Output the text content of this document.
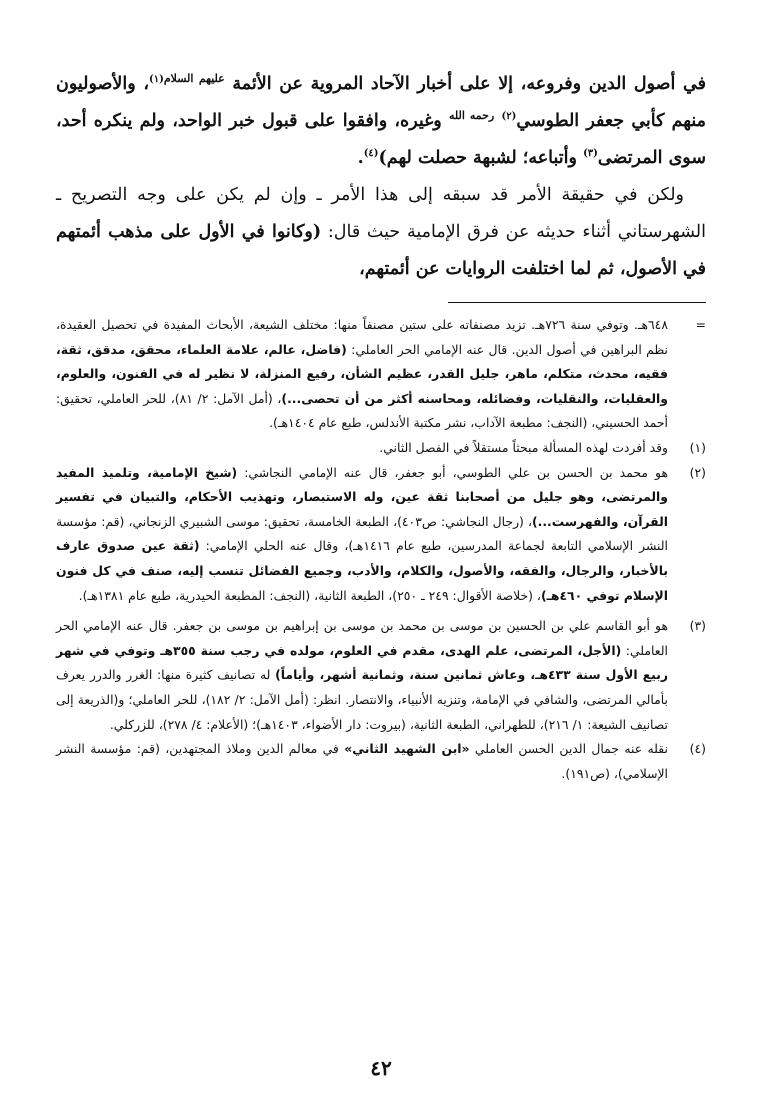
في أصول الدين وفروعه، إلا على أخبار الآحاد المروية عن الأئمة $^{عليهم السلام(١)}$، والأصوليون منهم كأبي جعفر الطوسي$^{(٢)}$ $^{رحمه الله}$ وغيره، وافقوا على قبول خبر الواحد، ولم ينكره أحد، سوى المرتضى$^{(٣)}$ وأتباعه؛ لشبهة حصلت لهم)$^{(٤)}$.

ولكن في حقيقة الأمر قد سبقه إلى هذا الأمر ـ وإن لم يكن على وجه التصريح ـ الشهرستاني أثناء حديثه عن فرق الإمامية حيث قال: (وكانوا في الأول على مذهب أئمتهم في الأصول، ثم لما اختلفت الروايات عن أئمتهم،

=
٦٤٨هـ. وتوفي سنة ٧٢٦هـ. تزيد مصنفاته على ستين مصنفاً منها: مختلف الشيعة، الأبحاث المفيدة في تحصيل العقيدة، نظم البراهين في أصول الدين. قال عنه الإمامي الحر العاملي: (فاضل، عالم، علامة العلماء، محقق، مدقق، ثقة، فقيه، محدث، متكلم، ماهر، جليل القدر، عظيم الشأن، رفيع المنزلة، لا نظير له في الفنون، والعلوم، والعقليات، والنقليات، وفضائله، ومحاسنه أكثر من أن تحصى...)، (أمل الآمل: ٢/ ٨١)، للحر العاملي، تحقيق: أحمد الحسيني، (النجف: مطبعة الآداب، نشر مكتبة الأندلس، طبع عام ١٤٠٤هـ).
(١)
وقد أفردت لهذه المسألة مبحثاً مستقلاً في الفصل الثاني.
(٢)
هو محمد بن الحسن بن علي الطوسي، أبو جعفر، قال عنه الإمامي النجاشي: (شيخ الإمامية، وتلميذ المفيد والمرتضى، وهو جليل من أصحابنا ثقة عين، وله الاستبصار، وتهذيب الأحكام، والتبيان في تفسير القرآن، والفهرست...)، (رجال النجاشي: ص٤٠٣)، الطبعة الخامسة، تحقيق: موسى الشبيري الزنجاني، (قم: مؤسسة النشر الإسلامي التابعة لجماعة المدرسين، طبع عام ١٤١٦هـ)، وقال عنه الحلي الإمامي: (ثقة عين صدوق عارف بالأخبار، والرجال، والفقه، والأصول، والكلام، والأدب، وجميع الفضائل تنسب إليه، صنف في كل فنون الإسلام توفي ٤٦٠هـ)، (خلاصة الأقوال: ٢٤٩ ـ ٢٥٠)، الطبعة الثانية، (النجف: المطبعة الحيدرية، طبع عام ١٣٨١هـ).
(٣)
هو أبو القاسم علي بن الحسين بن موسى بن محمد بن موسى بن إبراهيم بن موسى بن جعفر. قال عنه الإمامي الحر العاملي: (الأجل، المرتضى، علم الهدى، مقدم في العلوم، مولده في رجب سنة ٣٥٥هـ وتوفي في شهر ربيع الأول سنة ٤٣٣هـ، وعاش ثمانين سنة، وثمانية أشهر، وأياماً) له تصانيف كثيرة منها: الغرر والدرر يعرف بأمالي المرتضى، والشافي في الإمامة، وتنزيه الأنبياء، والانتصار. انظر: (أمل الآمل: ٢/ ١٨٢)، للحر العاملي؛ و(الذريعة إلى تصانيف الشيعة: ١/ ٢١٦)، للطهراني، الطبعة الثانية، (بيروت: دار الأضواء، ١٤٠٣هـ)؛ (الأعلام: ٤/ ٢٧٨)، للزركلي.
(٤)
نقله عنه جمال الدين الحسن العاملي «ابن الشهيد الثاني» في معالم الدين وملاذ المجتهدين، (قم: مؤسسة النشر الإسلامي)، (ص١٩١).
٤٢
